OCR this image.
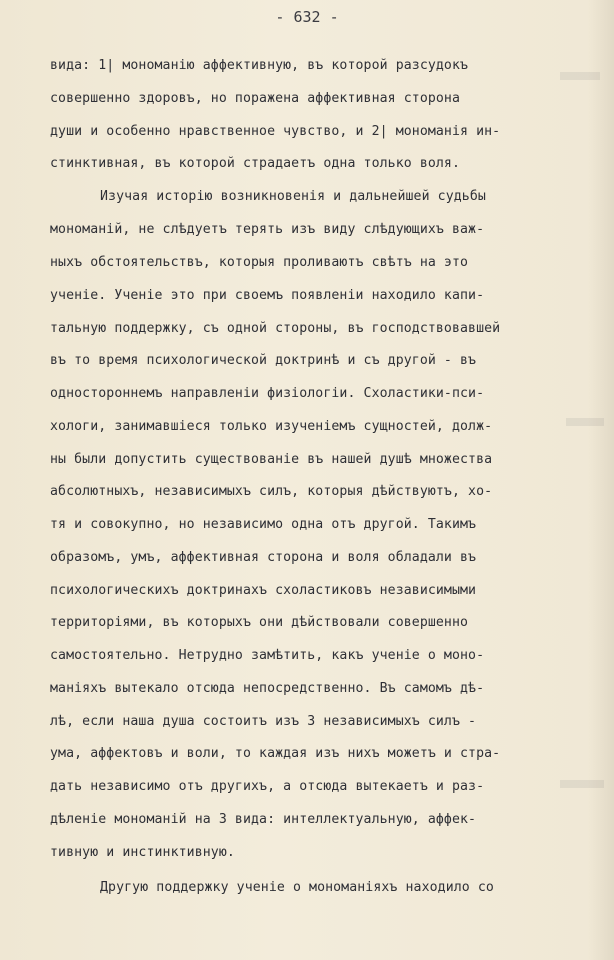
- 632 -
вида: 1| мономанію аффективную, въ которой разсудокъ
совершенно здоровъ, но поражена аффективная сторона
души и особенно нравственное чувство, и 2| мономанія ин-
стинктивная, въ которой страдаетъ одна только воля.
Изучая исторію возникновенія и дальнейшей судьбы
мономаній, не слѣдуетъ терять изъ виду слѣдующихъ важ-
ныхъ обстоятельствъ, которыя проливаютъ свѣтъ на это
ученіе. Ученіе это при своемъ появленіи находило капи-
тальную поддержку, съ одной стороны, въ господствовавшей
въ то время психологической доктринѣ и съ другой - въ
одностороннемъ направленіи физіологіи. Схоластики-пси-
хологи, занимавшіеся только изученіемъ сущностей, долж-
ны были допустить существованіе въ нашей душѣ множества
абсолютныхъ, независимыхъ силъ, которыя дѣйствуютъ, хо-
тя и совокупно, но независимо одна отъ другой. Такимъ
образомъ, умъ, аффективная сторона и воля обладали въ
психологическихъ доктринахъ схоластиковъ независимыми
территоріями, въ которыхъ они дѣйствовали совершенно
самостоятельно. Нетрудно замѣтить, какъ ученіе о моно-
маніяхъ вытекало отсюда непосредственно. Въ самомъ дѣ-
лѣ, если наша душа состоитъ изъ 3 независимыхъ силъ -
ума, аффектовъ и воли, то каждая изъ нихъ можетъ и стра-
дать независимо отъ другихъ, а отсюда вытекаетъ и раз-
дѣленіе мономаній на 3 вида: интеллектуальную, аффек-
тивную и инстинктивную.
Другую поддержку ученіе о мономаніяхъ находило со
